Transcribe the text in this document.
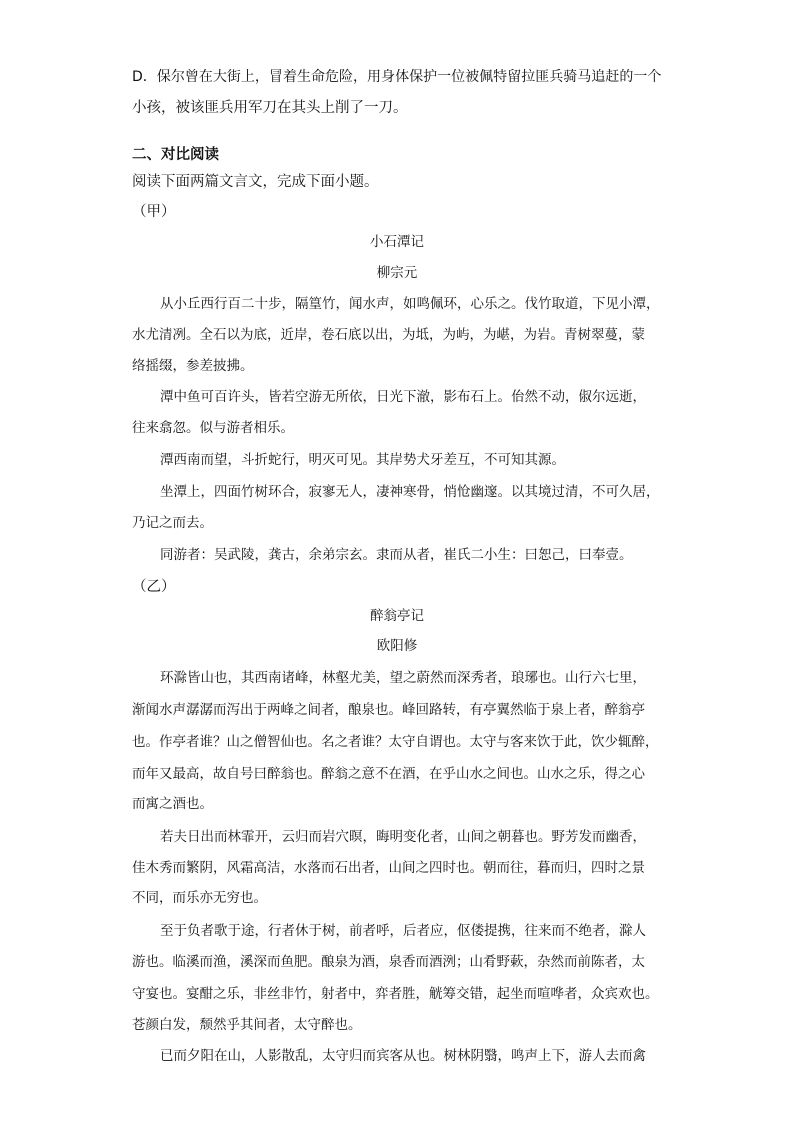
D．保尔曾在大街上，冒着生命危险，用身体保护一位被佩特留拉匪兵骑马追赶的一个
小孩，被该匪兵用军刀在其头上削了一刀。
二、对比阅读
阅读下面两篇文言文，完成下面小题。
（甲）
小石潭记
柳宗元
从小丘西行百二十步，隔篁竹，闻水声，如鸣佩环，心乐之。伐竹取道，下见小潭，
水尤清冽。全石以为底，近岸，卷石底以出，为坻，为屿，为嵁，为岩。青树翠蔓，蒙
络摇缀，参差披拂。
潭中鱼可百许头，皆若空游无所依，日光下澈，影布石上。佁然不动，俶尔远逝，
往来翕忽。似与游者相乐。
潭西南而望，斗折蛇行，明灭可见。其岸势犬牙差互，不可知其源。
坐潭上，四面竹树环合，寂寥无人，凄神寒骨，悄怆幽邃。以其境过清，不可久居，
乃记之而去。
同游者：吴武陵，龚古，余弟宗玄。隶而从者，崔氏二小生：曰恕己，曰奉壹。
（乙）
醉翁亭记
欧阳修
环滁皆山也，其西南诸峰，林壑尤美，望之蔚然而深秀者，琅琊也。山行六七里，
渐闻水声潺潺而泻出于两峰之间者，酿泉也。峰回路转，有亭翼然临于泉上者，醉翁亭
也。作亭者谁？山之僧智仙也。名之者谁？太守自谓也。太守与客来饮于此，饮少辄醉，
而年又最高，故自号曰醉翁也。醉翁之意不在酒，在乎山水之间也。山水之乐，得之心
而寓之酒也。
若夫日出而林霏开，云归而岩穴暝，晦明变化者，山间之朝暮也。野芳发而幽香，
佳木秀而繁阴，风霜高洁，水落而石出者，山间之四时也。朝而往，暮而归，四时之景
不同，而乐亦无穷也。
至于负者歌于途，行者休于树，前者呼，后者应，伛偻提携，往来而不绝者，滁人
游也。临溪而渔，溪深而鱼肥。酿泉为酒，泉香而酒洌；山肴野蔌，杂然而前陈者，太
守宴也。宴酣之乐，非丝非竹，射者中，弈者胜，觥筹交错，起坐而喧哗者，众宾欢也。
苍颜白发，颓然乎其间者，太守醉也。
已而夕阳在山，人影散乱，太守归而宾客从也。树林阴翳，鸣声上下，游人去而禽
